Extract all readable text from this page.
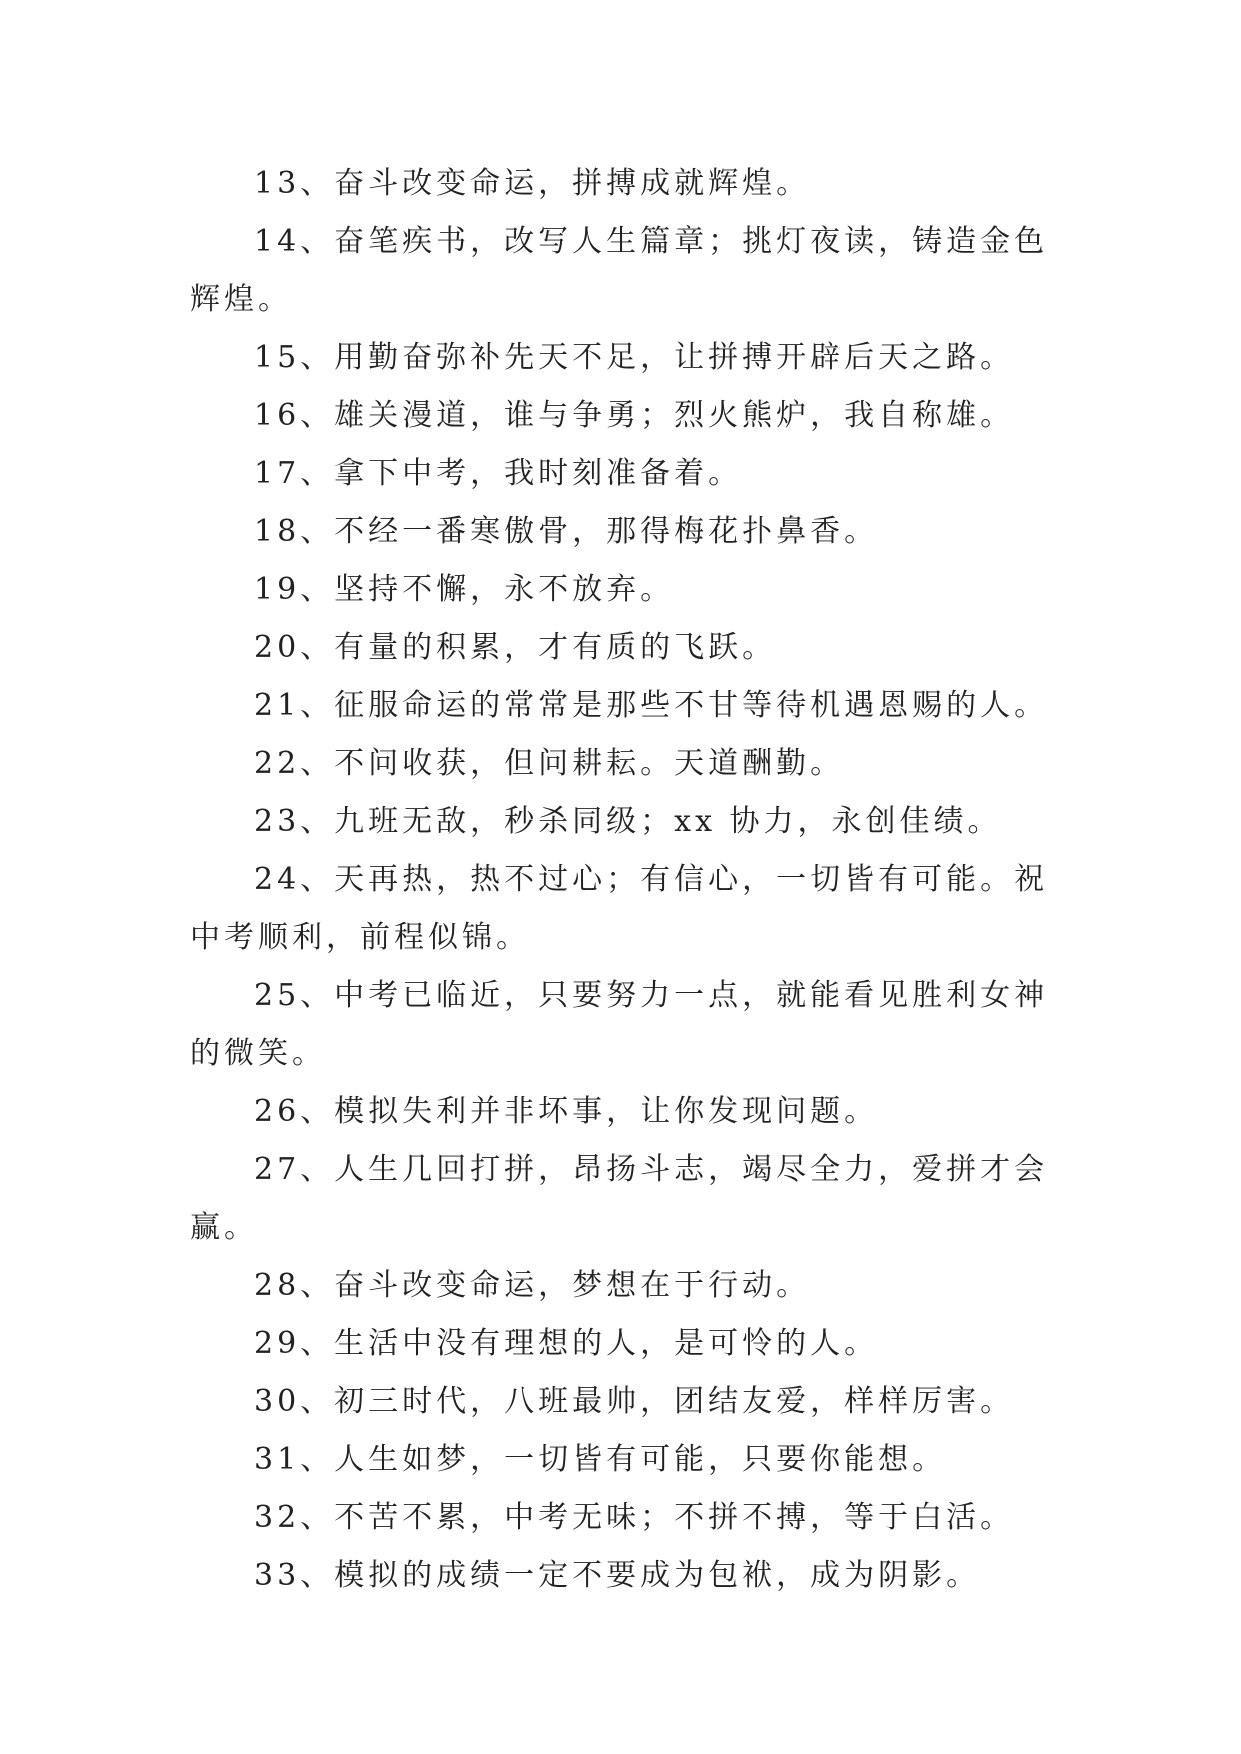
13、奋斗改变命运，拼搏成就辉煌。

14、奋笔疾书，改写人生篇章；挑灯夜读，铸造金色辉煌。

15、用勤奋弥补先天不足，让拼搏开辟后天之路。

16、雄关漫道，谁与争勇；烈火熊炉，我自称雄。

17、拿下中考，我时刻准备着。

18、不经一番寒傲骨，那得梅花扑鼻香。

19、坚持不懈，永不放弃。

20、有量的积累，才有质的飞跃。

21、征服命运的常常是那些不甘等待机遇恩赐的人。

22、不问收获，但问耕耘。天道酬勤。

23、九班无敌，秒杀同级；xx 协力，永创佳绩。

24、天再热，热不过心；有信心，一切皆有可能。祝中考顺利，前程似锦。

25、中考已临近，只要努力一点，就能看见胜利女神的微笑。

26、模拟失利并非坏事，让你发现问题。

27、人生几回打拼，昂扬斗志，竭尽全力，爱拼才会赢。

28、奋斗改变命运，梦想在于行动。

29、生活中没有理想的人，是可怜的人。

30、初三时代，八班最帅，团结友爱，样样厉害。

31、人生如梦，一切皆有可能，只要你能想。

32、不苦不累，中考无味；不拼不搏，等于白活。

33、模拟的成绩一定不要成为包袱，成为阴影。
